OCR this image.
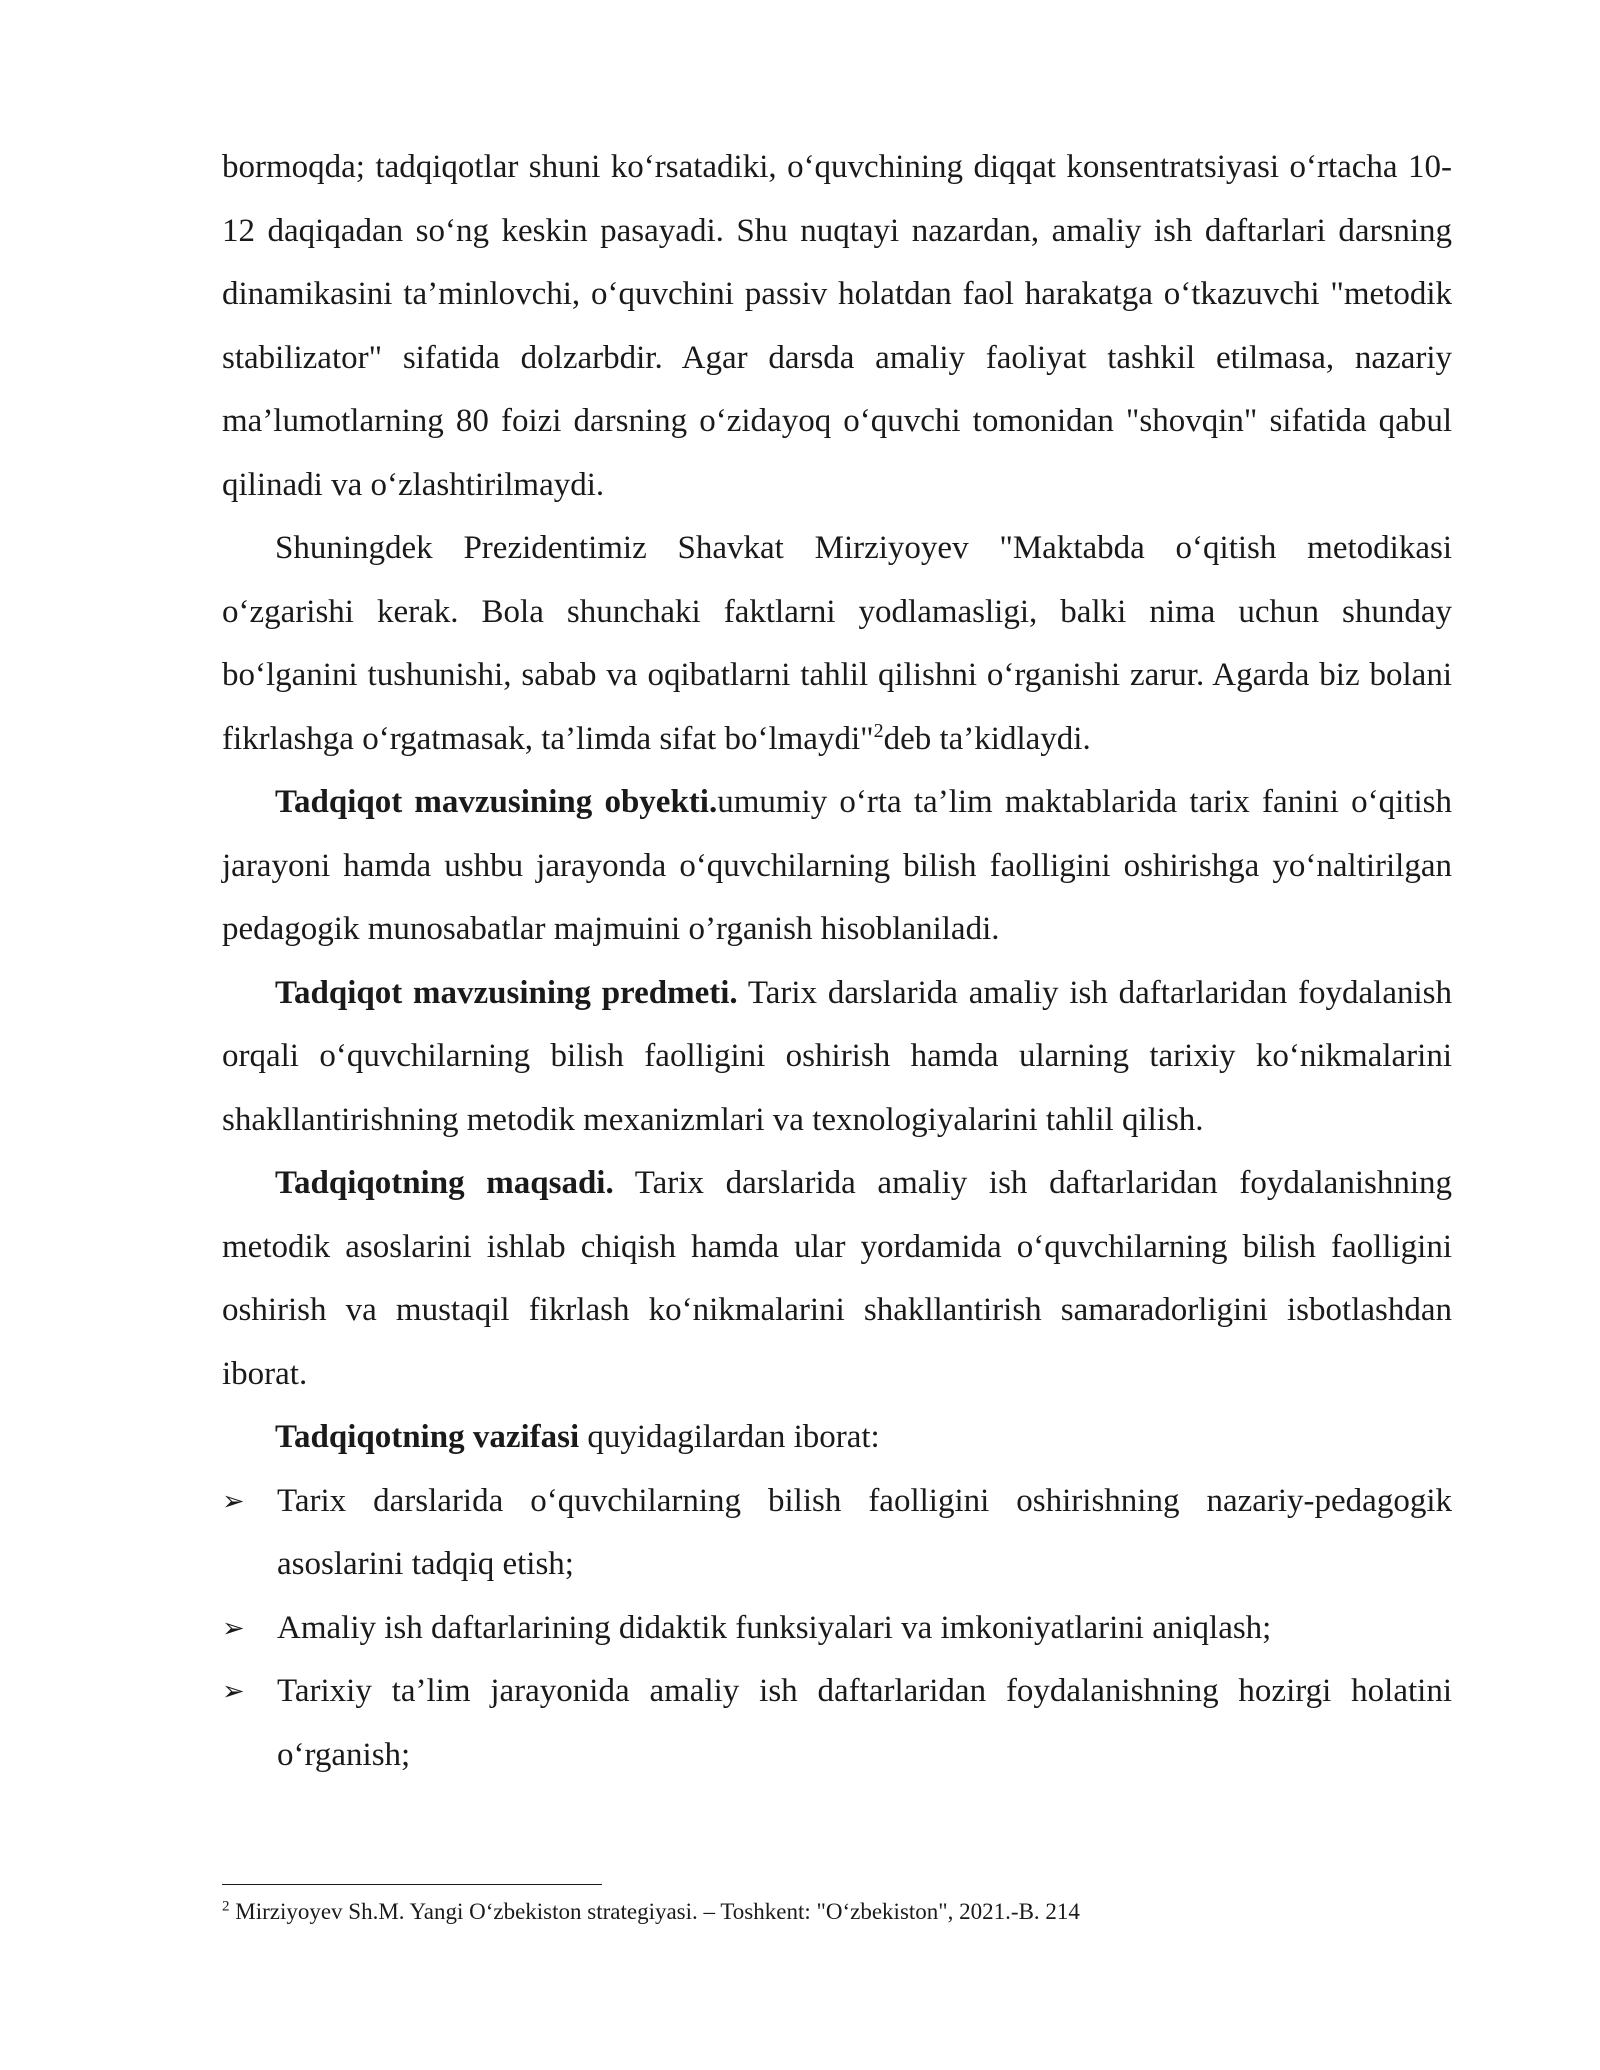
bormoqda; tadqiqotlar shuni ko‘rsatadiki, o‘quvchining diqqat konsentratsiyasi o‘rtacha 10-12 daqiqadan so‘ng keskin pasayadi. Shu nuqtayi nazardan, amaliy ish daftarlari darsning dinamikasini ta’minlovchi, o‘quvchini passiv holatdan faol harakatga o‘tkazuvchi "metodik stabilizator" sifatida dolzarbdir. Agar darsda amaliy faoliyat tashkil etilmasa, nazariy ma’lumotlarning 80 foizi darsning o‘zidayoq o‘quvchi tomonidan "shovqin" sifatida qabul qilinadi va o‘zlashtirilmaydi.

Shuningdek Prezidentimiz Shavkat Mirziyoyev "Maktabda o‘qitish metodikasi o‘zgarishi kerak. Bola shunchaki faktlarni yodlamasligi, balki nima uchun shunday bo‘lganini tushunishi, sabab va oqibatlarni tahlil qilishni o‘rganishi zarur. Agarda biz bolani fikrlashga o‘rgatmasak, ta’limda sifat bo‘lmaydi"$^2$deb ta’kidlaydi.

Tadqiqot mavzusining obyekti.umumiy o‘rta ta’lim maktablarida tarix fanini o‘qitish jarayoni hamda ushbu jarayonda o‘quvchilarning bilish faolligini oshirishga yo‘naltirilgan pedagogik munosabatlar majmuini o’rganish hisoblaniladi.

Tadqiqot mavzusining predmeti. Tarix darslarida amaliy ish daftarlaridan foydalanish orqali o‘quvchilarning bilish faolligini oshirish hamda ularning tarixiy ko‘nikmalarini shakllantirishning metodik mexanizmlari va texnologiyalarini tahlil qilish.

Tadqiqotning maqsadi. Tarix darslarida amaliy ish daftarlaridan foydalanishning metodik asoslarini ishlab chiqish hamda ular yordamida o‘quvchilarning bilish faolligini oshirish va mustaqil fikrlash ko‘nikmalarini shakllantirish samaradorligini isbotlashdan iborat.

Tadqiqotning vazifasi quyidagilardan iborat:

➢ Tarix darslarida o‘quvchilarning bilish faolligini oshirishning nazariy-pedagogik asoslarini tadqiq etish;
➢ Amaliy ish daftarlarining didaktik funksiyalari va imkoniyatlarini aniqlash;
➢ Tarixiy ta’lim jarayonida amaliy ish daftarlaridan foydalanishning hozirgi holatini o‘rganish;
$^2$ Mirziyoyev Sh.M. Yangi O‘zbekiston strategiyasi. – Toshkent: "O‘zbekiston", 2021.-B. 214
